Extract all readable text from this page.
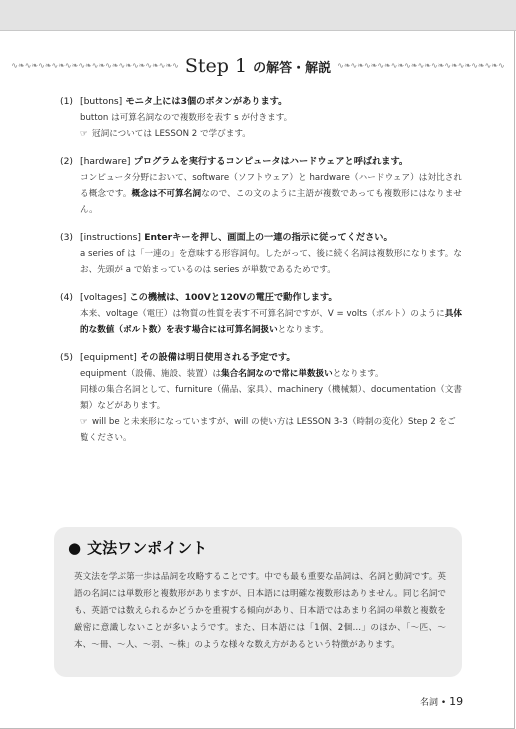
∿❧∿❧∿❧∿❧∿❧∿❧∿❧∿❧∿❧∿❧∿❧∿❧∿ Step 1 の解答・解説 ∿❧∿❧∿❧∿❧∿❧∿❧∿❧∿❧∿❧∿❧∿❧∿❧∿
(1) [buttons] モニタ上には3個のボタンがあります。
button は可算名詞なので複数形を表す s が付きます。
☞ 冠詞については LESSON 2 で学びます。
(2) [hardware] プログラムを実行するコンピュータはハードウェアと呼ばれます。
コンピュータ分野において、software（ソフトウェア）と hardware（ハードウェア）は対比される概念です。概念は不可算名詞なので、この文のように主語が複数であっても複数形にはなりません。
(3) [instructions] Enterキーを押し、画面上の一連の指示に従ってください。
a series of は「一連の」を意味する形容詞句。したがって、後に続く名詞は複数形になります。なお、先頭が a で始まっているのは series が単数であるためです。
(4) [voltages] この機械は、100Vと120Vの電圧で動作します。
本来、voltage（電圧）は物質の性質を表す不可算名詞ですが、V = volts（ボルト）のように具体的な数値（ボルト数）を表す場合には可算名詞扱いとなります。
(5) [equipment] その設備は明日使用される予定です。
equipment（設備、施設、装置）は集合名詞なので常に単数扱いとなります。
同様の集合名詞として、furniture（備品、家具）、machinery（機械類）、documentation（文書類）などがあります。
☞ will be と未来形になっていますが、will の使い方は LESSON 3-3（時制の変化）Step 2 をご覧ください。
● 文法ワンポイント
英文法を学ぶ第一歩は品詞を攻略することです。中でも最も重要な品詞は、名詞と動詞です。英語の名詞には単数形と複数形がありますが、日本語には明確な複数形はありません。同じ名詞でも、英語では数えられるかどうかを重視する傾向があり、日本語ではあまり名詞の単数と複数を厳密に意識しないことが多いようです。また、日本語には「1個、2個…」のほか、「～匹、～本、～冊、～人、～羽、～株」のような様々な数え方があるという特徴があります。
名詞 • 19
